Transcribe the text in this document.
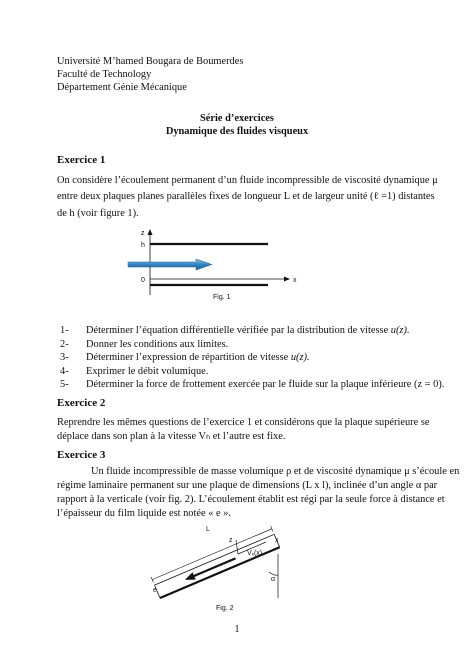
Université M’hamed Bougara de Boumerdes
Faculté de Technology
Département Génie Mécanique
Série d’exercices
Dynamique des fluides visqueux
Exercice 1
On considère l’écoulement permanent d’un fluide incompressible de viscosité dynamique μ
entre deux plaques planes parallèles fixes de longueur L et de largeur unité (ℓ =1) distantes
de h (voir figure 1).
z
h
0	x
Fig. 1
1- Déterminer l’équation différentielle vérifiée par la distribution de vitesse u(z).
2- Donner les conditions aux limites.
3- Déterminer l’expression de répartition de vitesse u(z).
4- Exprimer le débit volumique.
5- Déterminer la force de frottement exercée par le fluide sur la plaque inférieure (z = 0).
Exercice 2
Reprendre les mêmes questions de l’exercice 1 et considérons que la plaque supérieure se
déplace dans son plan à la vitesse Vₕ et l’autre est fixe.
Exercice 3
Un fluide incompressible de masse volumique ρ et de viscosité dynamique μ s’écoule en
régime laminaire permanent sur une plaque de dimensions (L x l), inclinée d’un angle α par
rapport à la verticale (voir fig. 2). L’écoulement établit est régi par la seule force à distance et
l’épaisseur du film liquide est notée « e ».
L
z	x
Vₓ(x)
e
α
Fig. 2
1
